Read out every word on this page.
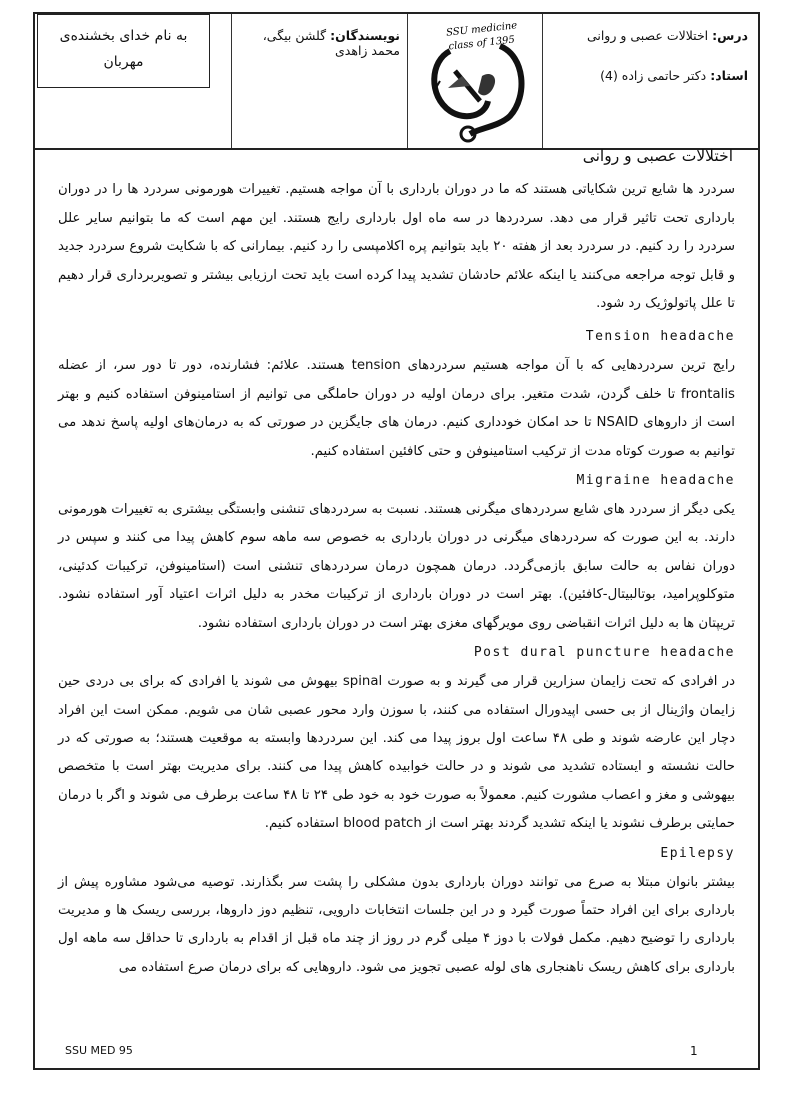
درس: اختلالات عصبی و روانی
استاد: دکتر حاتمی زاده (4)
SSU medicine
class of 1395
نویسندگان: گلشن بیگی، محمد زاهدی
به نام خدای بخشنده‌ی
مهربان

اختلالات عصبی و روانی

سردرد ها شایع ترین شکایاتی هستند که ما در دوران بارداری با آن مواجه هستیم. تغییرات هورمونی سردرد ها را در دوران بارداری تحت تاثیر قرار می دهد. سردردها در سه ماه اول بارداری رایج هستند. این مهم است که ما بتوانیم سایر علل سردرد را رد کنیم. در سردرد بعد از هفته ۲۰ باید بتوانیم پره اکلامپسی را رد کنیم. بیمارانی که با شکایت شروع سردرد جدید و قابل توجه مراجعه می‌کنند یا اینکه علائم حادشان تشدید پیدا کرده است باید تحت ارزیابی بیشتر و تصویربرداری قرار دهیم تا علل پاتولوژیک رد شود.

Tension headache

رایج ترین سردردهایی که با آن مواجه هستیم سردردهای tension هستند. علائم: فشارنده، دور تا دور سر، از عضله frontalis تا خلف گردن، شدت متغیر. برای درمان اولیه در دوران حاملگی می توانیم از استامینوفن استفاده کنیم و بهتر است از داروهای NSAID تا حد امکان خودداری کنیم. درمان های جایگزین در صورتی که به درمان‌های اولیه پاسخ ندهد می توانیم به صورت کوتاه مدت از ترکیب استامینوفن و حتی کافئین استفاده کنیم.

Migraine headache

یکی دیگر از سردرد های شایع سردردهای میگرنی هستند. نسبت به سردردهای تنشنی وابستگی بیشتری به تغییرات هورمونی دارند. به این صورت که سردردهای میگرنی در دوران بارداری به خصوص سه ماهه سوم کاهش پیدا می کنند و سپس در دوران نفاس به حالت سابق بازمی‌گردد. درمان همچون درمان سردردهای تنشنی است (استامینوفن، ترکیبات کدئینی، متوکلوپرامید، بوتالبیتال-کافئین). بهتر است در دوران بارداری از ترکیبات مخدر به دلیل اثرات اعتیاد آور استفاده نشود. تریپتان ها به دلیل اثرات انقباضی روی مویرگهای مغزی بهتر است در دوران بارداری استفاده نشود.

Post dural puncture headache

در افرادی که تحت زایمان سزارین قرار می گیرند و به صورت spinal بیهوش می شوند یا افرادی که برای بی دردی حین زایمان واژینال از بی حسی اپیدورال استفاده می کنند، با سوزن وارد محور عصبی شان می شویم. ممکن است این افراد دچار این عارضه شوند و طی ۴۸ ساعت اول بروز پیدا می کند. این سردردها وابسته به موقعیت هستند؛ به صورتی که در حالت نشسته و ایستاده تشدید می شوند و در حالت خوابیده کاهش پیدا می کنند. برای مدیریت بهتر است با متخصص بیهوشی و مغز و اعصاب مشورت کنیم. معمولاً به صورت خود به خود طی ۲۴ تا ۴۸ ساعت برطرف می شوند و اگر با درمان حمایتی برطرف نشوند یا اینکه تشدید گردند بهتر است از blood patch استفاده کنیم.

Epilepsy

بیشتر بانوان مبتلا به صرع می توانند دوران بارداری بدون مشکلی را پشت سر بگذارند. توصیه می‌شود مشاوره پیش از بارداری برای این افراد حتماً صورت گیرد و در این جلسات انتخابات دارویی، تنظیم دوز داروها، بررسی ریسک ها و مدیریت بارداری را توضیح دهیم. مکمل فولات با دوز ۴ میلی گرم در روز از چند ماه قبل از اقدام به بارداری تا حداقل سه ماهه اول بارداری برای کاهش ریسک ناهنجاری های لوله عصبی تجویز می شود. داروهایی که برای درمان صرع استفاده می

SSU MED 95	1
